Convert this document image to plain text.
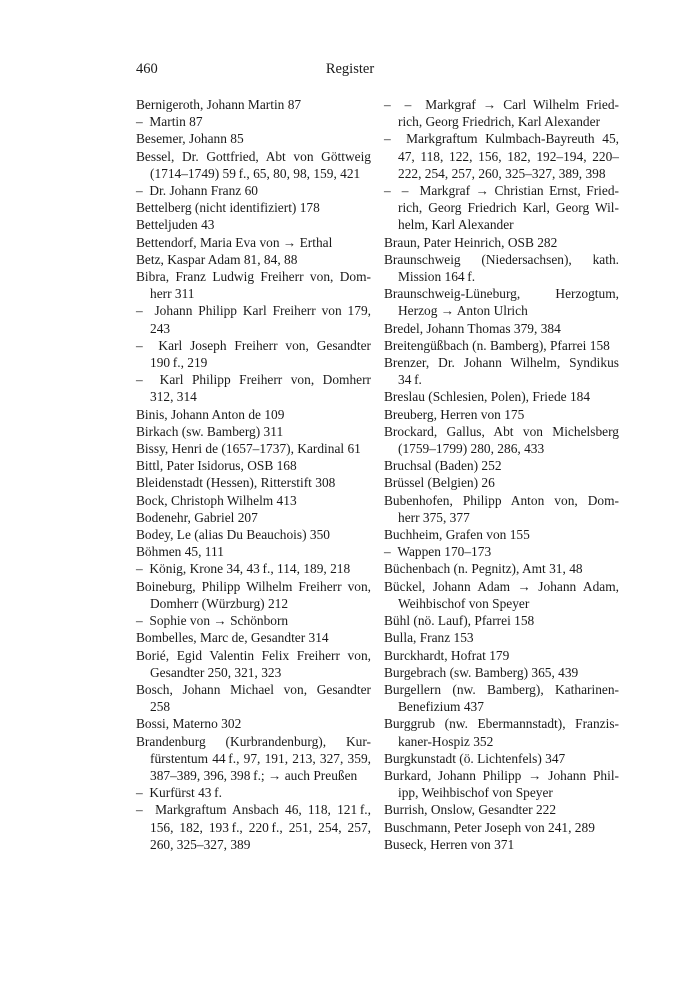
460	Register
Bernigeroth, Johann Martin 87
–  Martin 87
Besemer, Johann 85
Bessel, Dr. Gottfried, Abt von Göttweig
(1714–1749) 59 f., 65, 80, 98, 159, 421
–  Dr. Johann Franz 60
Bettelberg (nicht identifiziert) 178
Betteljuden 43
Bettendorf, Maria Eva von → Erthal
Betz, Kaspar Adam 81, 84, 88
Bibra, Franz Ludwig Freiherr von, Dom-
herr 311
–  Johann Philipp Karl Freiherr von 179,
243
–  Karl Joseph Freiherr von, Gesandter
190 f., 219
–  Karl Philipp Freiherr von, Domherr
312, 314
Binis, Johann Anton de 109
Birkach (sw. Bamberg) 311
Bissy, Henri de (1657–1737), Kardinal 61
Bittl, Pater Isidorus, OSB 168
Bleidenstadt (Hessen), Ritterstift 308
Bock, Christoph Wilhelm 413
Bodenehr, Gabriel 207
Bodey, Le (alias Du Beauchois) 350
Böhmen 45, 111
–  König, Krone 34, 43 f., 114, 189, 218
Boineburg, Philipp Wilhelm Freiherr von,
Domherr (Würzburg) 212
–  Sophie von → Schönborn
Bombelles, Marc de, Gesandter 314
Borié, Egid Valentin Felix Freiherr von,
Gesandter 250, 321, 323
Bosch, Johann Michael von, Gesandter
258
Bossi, Materno 302
Brandenburg (Kurbrandenburg), Kur-
fürstentum 44 f., 97, 191, 213, 327, 359,
387–389, 396, 398 f.; → auch Preußen
–  Kurfürst 43 f.
–  Markgraftum Ansbach 46, 118, 121 f.,
156, 182, 193 f., 220 f., 251, 254, 257,
260, 325–327, 389
–  –  Markgraf → Carl Wilhelm Fried-
rich, Georg Friedrich, Karl Alexander
–  Markgraftum Kulmbach-Bayreuth 45,
47, 118, 122, 156, 182, 192–194, 220–
222, 254, 257, 260, 325–327, 389, 398
–  –  Markgraf → Christian Ernst, Fried-
rich, Georg Friedrich Karl, Georg Wil-
helm, Karl Alexander
Braun, Pater Heinrich, OSB 282
Braunschweig (Niedersachsen), kath.
Mission 164 f.
Braunschweig-Lüneburg, Herzogtum,
Herzog → Anton Ulrich
Bredel, Johann Thomas 379, 384
Breitengüßbach (n. Bamberg), Pfarrei 158
Brenzer, Dr. Johann Wilhelm, Syndikus
34 f.
Breslau (Schlesien, Polen), Friede 184
Breuberg, Herren von 175
Brockard, Gallus, Abt von Michelsberg
(1759–1799) 280, 286, 433
Bruchsal (Baden) 252
Brüssel (Belgien) 26
Bubenhofen, Philipp Anton von, Dom-
herr 375, 377
Buchheim, Grafen von 155
–  Wappen 170–173
Büchenbach (n. Pegnitz), Amt 31, 48
Bückel, Johann Adam → Johann Adam,
Weihbischof von Speyer
Bühl (nö. Lauf), Pfarrei 158
Bulla, Franz 153
Burckhardt, Hofrat 179
Burgebrach (sw. Bamberg) 365, 439
Burgellern (nw. Bamberg), Katharinen-
Benefizium 437
Burggrub (nw. Ebermannstadt), Franzis-
kaner-Hospiz 352
Burgkunstadt (ö. Lichtenfels) 347
Burkard, Johann Philipp → Johann Phil-
ipp, Weihbischof von Speyer
Burrish, Onslow, Gesandter 222
Buschmann, Peter Joseph von 241, 289
Buseck, Herren von 371
